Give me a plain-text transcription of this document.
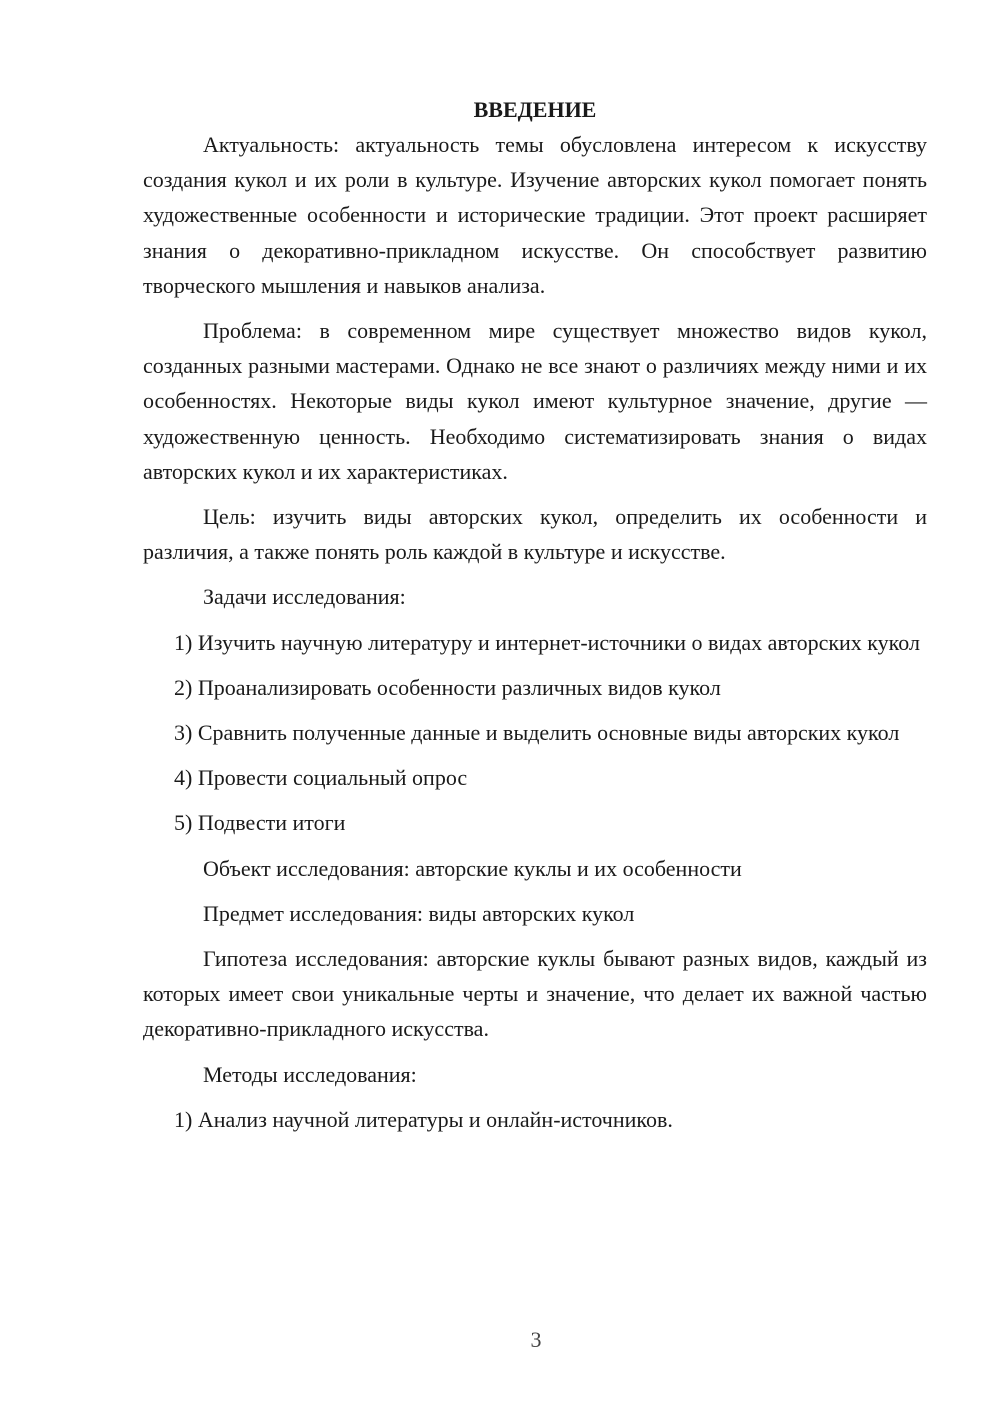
ВВЕДЕНИЕ

Актуальность: актуальность темы обусловлена интересом к искусству создания кукол и их роли в культуре. Изучение авторских кукол помогает понять художественные особенности и исторические традиции. Этот проект расширяет знания о декоративно-прикладном искусстве. Он способствует развитию творческого мышления и навыков анализа.

Проблема: в современном мире существует множество видов кукол, созданных разными мастерами. Однако не все знают о различиях между ними и их особенностях. Некоторые виды кукол имеют культурное значение, другие — художественную ценность. Необходимо систематизировать знания о видах авторских кукол и их характеристиках.

Цель: изучить виды авторских кукол, определить их особенности и различия, а также понять роль каждой в культуре и искусстве.

Задачи исследования:

1) Изучить научную литературу и интернет-источники о видах авторских кукол

2) Проанализировать особенности различных видов кукол

3) Сравнить полученные данные и выделить основные виды авторских кукол

4) Провести социальный опрос

5) Подвести итоги

Объект исследования: авторские куклы и их особенности

Предмет исследования: виды авторских кукол

Гипотеза исследования: авторские куклы бывают разных видов, каждый из которых имеет свои уникальные черты и значение, что делает их важной частью декоративно-прикладного искусства.

Методы исследования:

1) Анализ научной литературы и онлайн-источников.

3
